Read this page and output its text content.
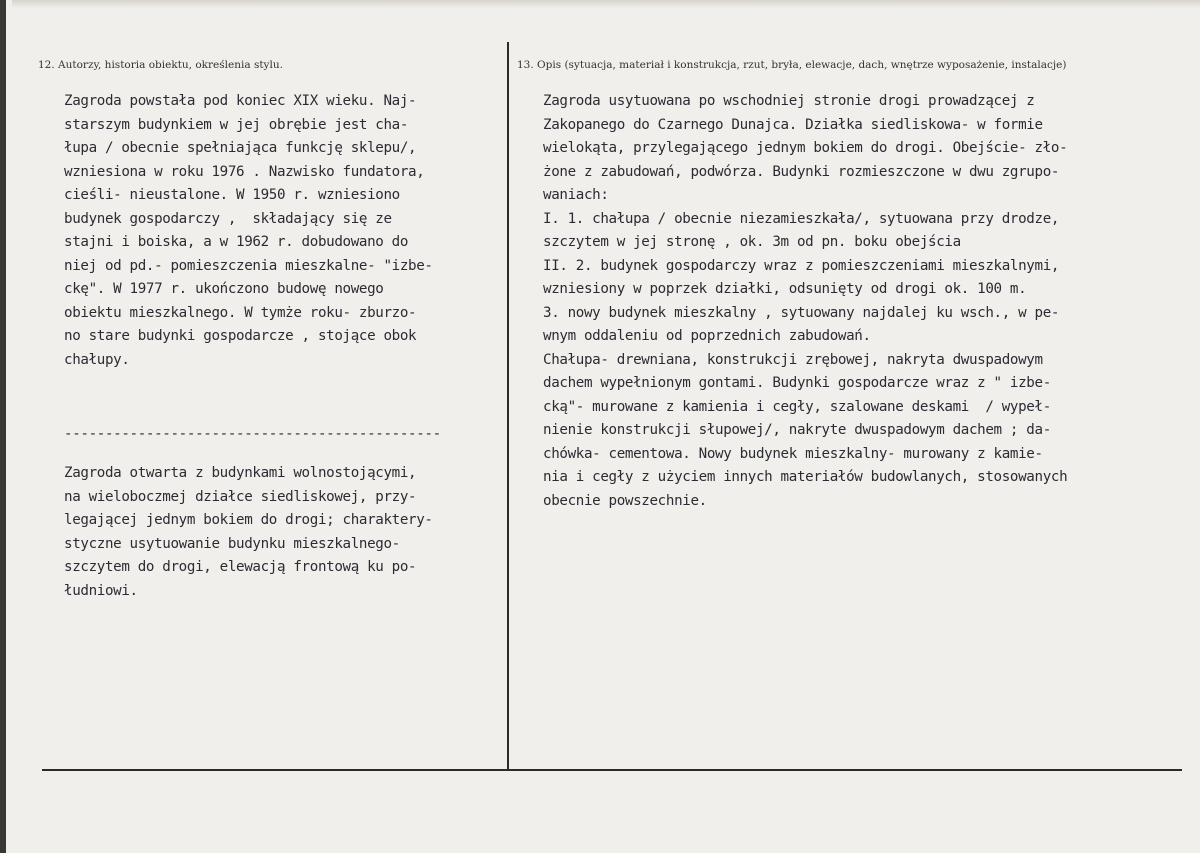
12. Autorzy, historia obiektu, określenia stylu.	13. Opis (sytuacja, materiał i konstrukcja, rzut, bryła, elewacje, dach, wnętrze wyposażenie, instalacje)
Zagroda powstała pod koniec XIX wieku. Naj-
starszym budynkiem w jej obrębie jest cha-
łupa / obecnie spełniająca funkcję sklepu/,
wzniesiona w roku 1976 . Nazwisko fundatora,
cieśli- nieustalone. W 1950 r. wzniesiono
budynek gospodarczy ,  składający się ze
stajni i boiska, a w 1962 r. dobudowano do
niej od pd.- pomieszczenia mieszkalne- "izbe-
ckę". W 1977 r. ukończono budowę nowego
obiektu mieszkalnego. W tymże roku- zburzo-
no stare budynki gospodarcze , stojące obok
chałupy.
----------------------------------------------
Zagroda otwarta z budynkami wolnostojącymi,
na wieloboczmej działce siedliskowej, przy-
legającej jednym bokiem do drogi; charaktery-
styczne usytuowanie budynku mieszkalnego-
szczytem do drogi, elewacją frontową ku po-
łudniowi.
Zagroda usytuowana po wschodniej stronie drogi prowadzącej z
Zakopanego do Czarnego Dunajca. Działka siedliskowa- w formie
wielokąta, przylegającego jednym bokiem do drogi. Obejście- zło-
żone z zabudowań, podwórza. Budynki rozmieszczone w dwu zgrupo-
waniach:
I. 1. chałupa / obecnie niezamieszkała/, sytuowana przy drodze,
szczytem w jej stronę , ok. 3m od pn. boku obejścia
II. 2. budynek gospodarczy wraz z pomieszczeniami mieszkalnymi,
wzniesiony w poprzek działki, odsunięty od drogi ok. 100 m.
3. nowy budynek mieszkalny , sytuowany najdalej ku wsch., w pe-
wnym oddaleniu od poprzednich zabudowań.
Chałupa- drewniana, konstrukcji zrębowej, nakryta dwuspadowym
dachem wypełnionym gontami. Budynki gospodarcze wraz z " izbe-
cką"- murowane z kamienia i cegły, szalowane deskami  / wypeł-
nienie konstrukcji słupowej/, nakryte dwuspadowym dachem ; da-
chówka- cementowa. Nowy budynek mieszkalny- murowany z kamie-
nia i cegły z użyciem innych materiałów budowlanych, stosowanych
obecnie powszechnie.
